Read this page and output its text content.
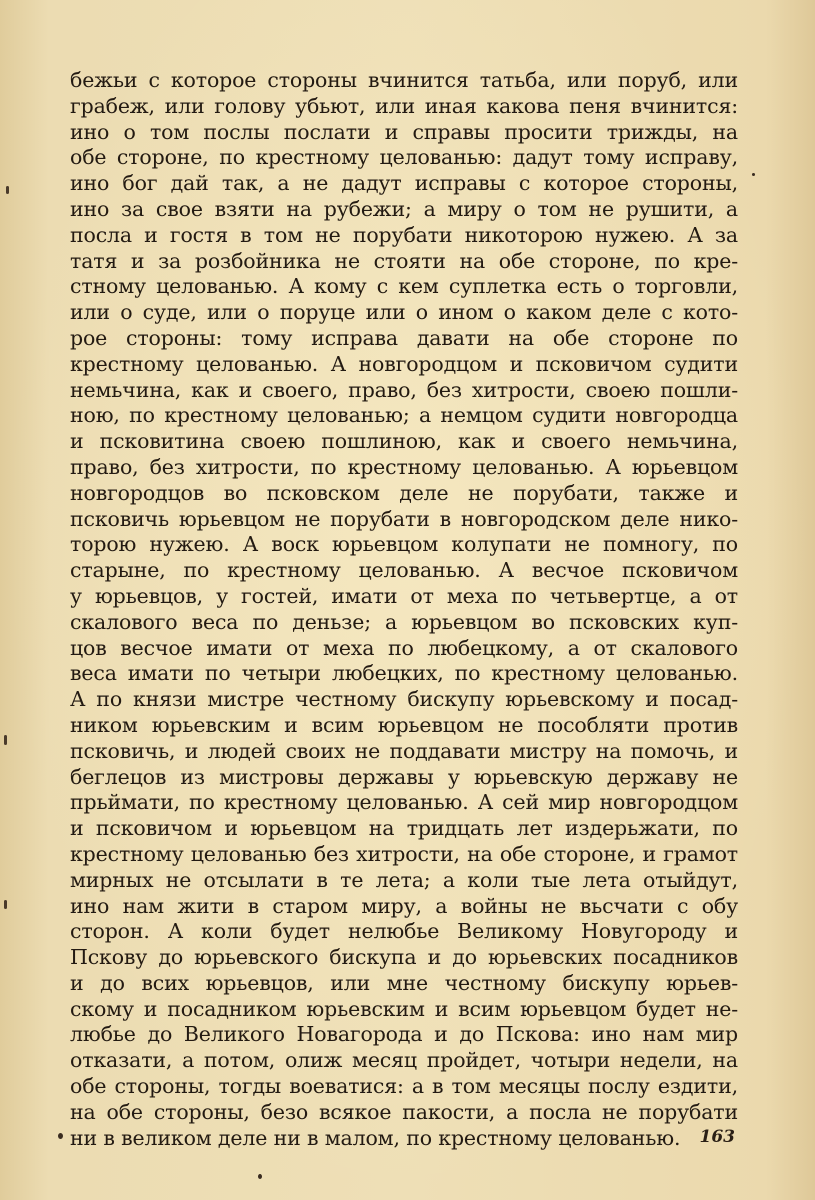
бежьи с которое стороны вчинится татьба, или поруб, или
грабеж, или голову убьют, или иная какова пеня вчинится:
ино о том послы послати и справы просити трижды, на
обе стороне, по крестному целованью: дадут тому исправу,
ино бог дай так, а не дадут исправы с которое стороны,
ино за свое взяти на рубежи; а миру о том не рушити, а
посла и гостя в том не порубати никоторою нужею. А за
татя и за розбойника не стояти на обе стороне, по кре-
стному целованью. А кому с кем суплетка есть о торговли,
или о суде, или о поруце или о ином о каком деле с кото-
рое стороны: тому исправа давати на обе стороне по
крестному целованью. А новгородцом и псковичом судити
немьчина, как и своего, право, без хитрости, своею пошли-
ною, по крестному целованью; а немцом судити новгородца
и псковитина своею пошлиною, как и своего немьчина,
право, без хитрости, по крестному целованью. А юрьевцом
новгородцов во псковском деле не порубати, также и
псковичь юрьевцом не порубати в новгородском деле нико-
торою нужею. А воск юрьевцом колупати не помногу, по
старыне, по крестному целованью. А весчое псковичом
у юрьевцов, у гостей, имати от меха по четьвертце, а от
скалового веса по деньзе; а юрьевцом во псковских куп-
цов весчое имати от меха по любецкому, а от скалового
веса имати по четыри любецких, по крестному целованью.
А по князи мистре честному бискупу юрьевскому и посад-
ником юрьевским и всим юрьевцом не пособляти против
псковичь, и людей своих не поддавати мистру на помочь, и
беглецов из мистровы державы у юрьевскую державу не
прьймати, по крестному целованью. А сей мир новгородцом
и псковичом и юрьевцом на тридцать лет издерьжати, по
крестному целованью без хитрости, на обе стороне, и грамот
мирных не отсылати в те лета; а коли тые лета отыйдут,
ино нам жити в старом миру, а войны не вьсчати с обу
сторон. А коли будет нелюбье Великому Новугороду и
Пскову до юрьевского бискупа и до юрьевских посадников
и до всих юрьевцов, или мне честному бискупу юрьев-
скому и посадником юрьевским и всим юрьевцом будет не-
любье до Великого Новагорода и до Пскова: ино нам мир
отказати, а потом, олиж месяц пройдет, чотыри недели, на
обе стороны, тогды воеватися: а в том месяцы послу ездити,
на обе стороны, безо всякое пакости, а посла не порубати
ни в великом деле ни в малом, по крестному целованью.	163
